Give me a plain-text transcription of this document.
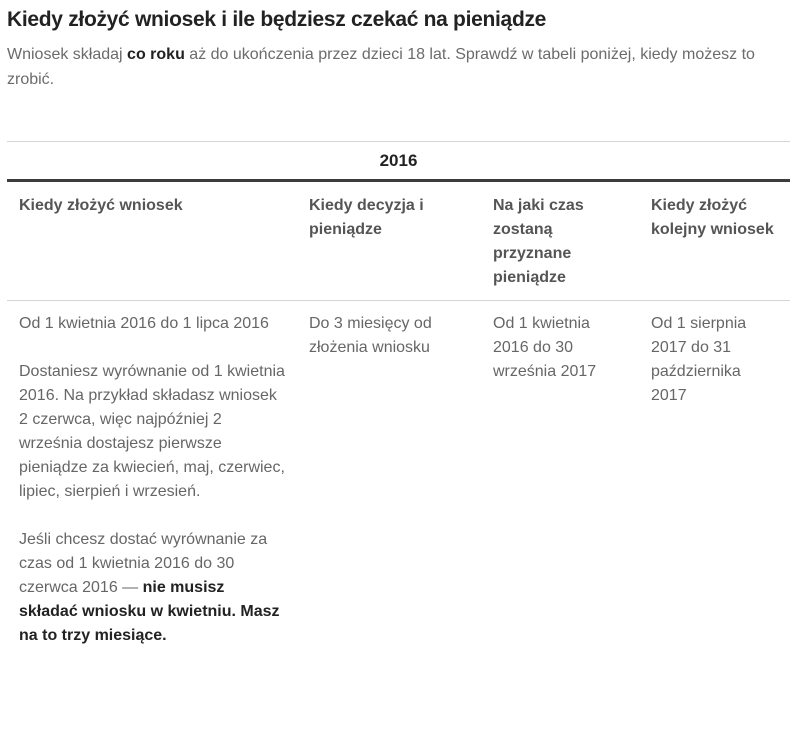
Kiedy złożyć wniosek i ile będziesz czekać na pieniądze

Wniosek składaj co roku aż do ukończenia przez dzieci 18 lat. Sprawdź w tabeli poniżej, kiedy możesz to zrobić.

2016			
Kiedy złożyć wniosek	Kiedy decyzja i pieniądze	Na jaki czas zostaną przyznane pieniądze	Kiedy złożyć kolejny wniosek

Od 1 kwietnia 2016 do 1 lipca 2016

Dostaniesz wyrównanie od 1 kwietnia 2016. Na przykład składasz wniosek 2 czerwca, więc najpóźniej 2 września dostajesz pierwsze pieniądze za kwiecień, maj, czerwiec, lipiec, sierpień i wrzesień.

Jeśli chcesz dostać wyrównanie za czas od 1 kwietnia 2016 do 30 czerwca 2016 — nie musisz składać wniosku w kwietniu. Masz na to trzy miesiące.	Do 3 miesięcy od złożenia wniosku	Od 1 kwietnia 2016 do 30 września 2017	Od 1 sierpnia 2017 do 31 października 2017
